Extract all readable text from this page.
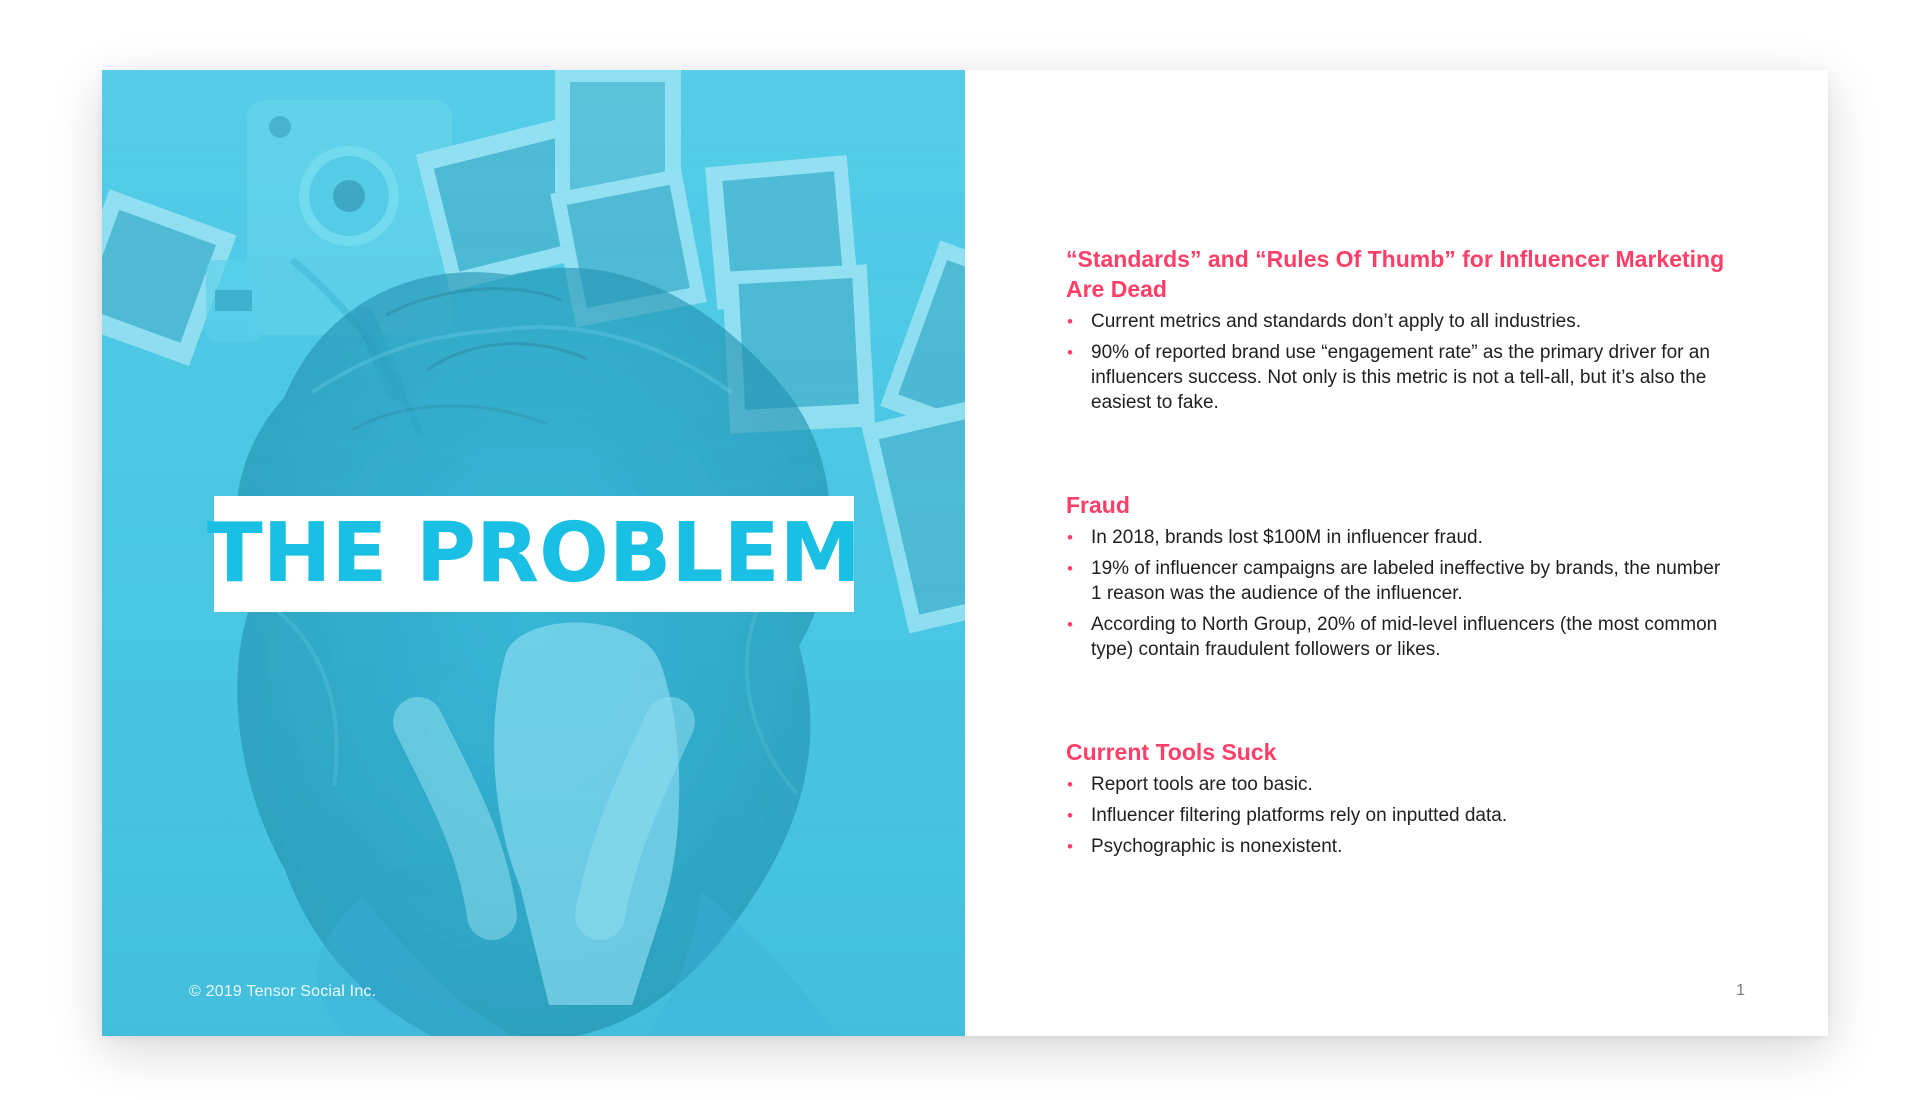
THE PROBLEM
© 2019 Tensor Social Inc.
“Standards” and “Rules Of Thumb” for Influencer Marketing Are Dead
• Current metrics and standards don’t apply to all industries.
• 90% of reported brand use “engagement rate” as the primary driver for an influencers success. Not only is this metric is not a tell-all, but it’s also the easiest to fake.
Fraud
• In 2018, brands lost $100M in influencer fraud.
• 19% of influencer campaigns are labeled ineffective by brands, the number 1 reason was the audience of the influencer.
• According to North Group, 20% of mid-level influencers (the most common type) contain fraudulent followers or likes.
Current Tools Suck
• Report tools are too basic.
• Influencer filtering platforms rely on inputted data.
• Psychographic is nonexistent.
1
